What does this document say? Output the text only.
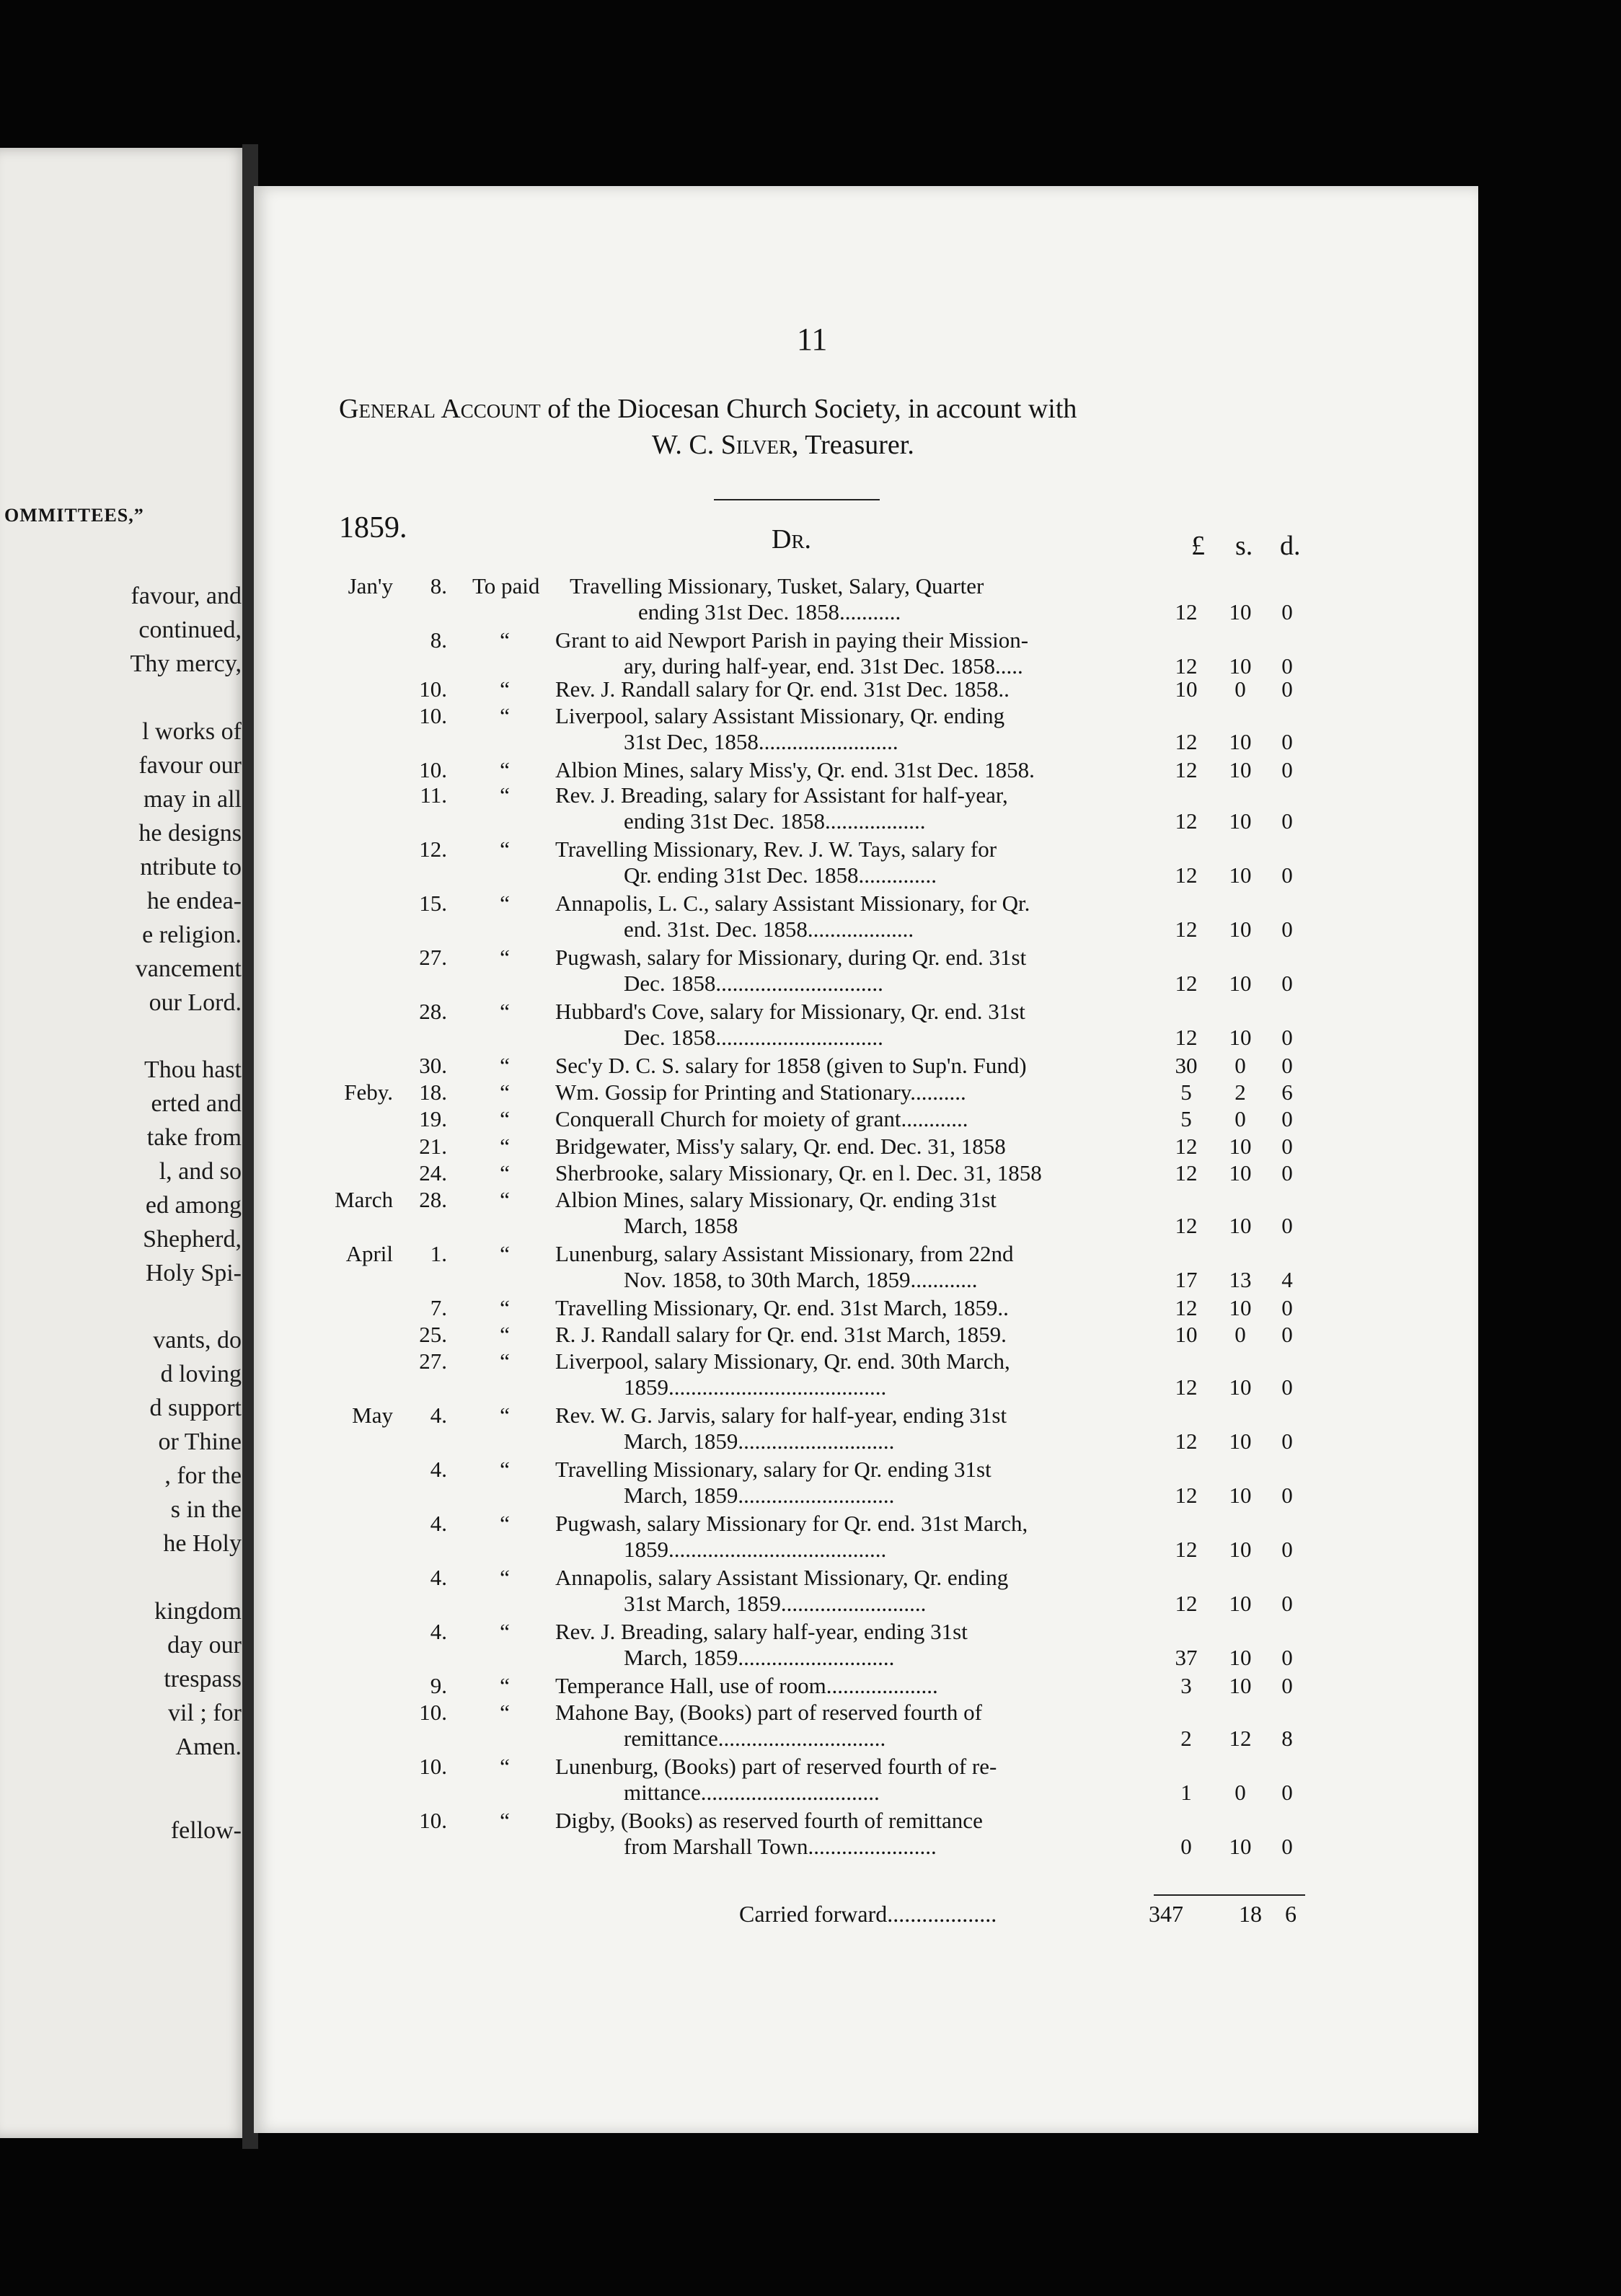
OMMITTEES,”
favour, and
continued,
Thy mercy,
l works of
favour our
may in all
he designs
ntribute to
he endea-
e religion.
vancement
our Lord.
Thou hast
erted and
take from
l, and so
ed among
Shepherd,
Holy Spi-
vants, do
d loving
d support
or Thine
, for the
s in the
he Holy
kingdom
day our
trespass
vil ; for
Amen.
fellow-
11
General Account of the Diocesan Church Society, in account with
W. C. Silver, Treasurer.
1859.	Dr.	£ s. d.
Jan'y	8. To paid Travelling Missionary, Tusket, Salary, Quarter
ending 31st Dec. 1858...........	12	10	0
8.	“	Grant to aid Newport Parish in paying their Mission-
ary, during half-year, end. 31st Dec. 1858.....	12	10	0
10.	“	Rev. J. Randall salary for Qr. end. 31st Dec. 1858..	10	0	0
10.	“	Liverpool, salary Assistant Missionary, Qr. ending
31st Dec, 1858.........................	12	10	0
10.	“	Albion Mines, salary Miss'y, Qr. end. 31st Dec. 1858.	12	10	0
11.	“	Rev. J. Breading, salary for Assistant for half-year,
ending 31st Dec. 1858..................	12	10	0
12.	“	Travelling Missionary, Rev. J. W. Tays, salary for
Qr. ending 31st Dec. 1858..............	12	10	0
15.	“	Annapolis, L. C., salary Assistant Missionary, for Qr.
end. 31st. Dec. 1858...................	12	10	0
27.	“	Pugwash, salary for Missionary, during Qr. end. 31st
Dec. 1858..............................	12	10	0
28.	“	Hubbard's Cove, salary for Missionary, Qr. end. 31st
Dec. 1858..............................	12	10	0
30.	“	Sec'y D. C. S. salary for 1858 (given to Sup'n. Fund)	30	0	0
Feby.	18.	“	Wm. Gossip for Printing and Stationary..........	5	2	6
19.	“	Conquerall Church for moiety of grant............	5	0	0
21.	“	Bridgewater, Miss'y salary, Qr. end. Dec. 31, 1858	12	10	0
24.	“	Sherbrooke, salary Missionary, Qr. en l. Dec. 31, 1858	12	10	0
March	28.	“	Albion Mines, salary Missionary, Qr. ending 31st
March, 1858	12	10	0
April	1.	“	Lunenburg, salary Assistant Missionary, from 22nd
Nov. 1858, to 30th March, 1859............	17	13	4
7.	“	Travelling Missionary, Qr. end. 31st March, 1859..	12	10	0
25.	“	R. J. Randall salary for Qr. end. 31st March, 1859.	10	0	0
27.	“	Liverpool, salary Missionary, Qr. end. 30th March,
1859.......................................	12	10	0
May	4.	“	Rev. W. G. Jarvis, salary for half-year, ending 31st
March, 1859............................	12	10	0
4.	“	Travelling Missionary, salary for Qr. ending 31st
March, 1859............................	12	10	0
4.	“	Pugwash, salary Missionary for Qr. end. 31st March,
1859.......................................	12	10	0
4.	“	Annapolis, salary Assistant Missionary, Qr. ending
31st March, 1859..........................	12	10	0
4.	“	Rev. J. Breading, salary half-year, ending 31st
March, 1859............................	37	10	0
9.	“	Temperance Hall, use of room....................	3	10	0
10.	“	Mahone Bay, (Books) part of reserved fourth of
remittance..............................	2	12	8
10.	“	Lunenburg, (Books) part of reserved fourth of re-
mittance................................	1	0	0
10.	“	Digby, (Books) as reserved fourth of remittance
from Marshall Town.......................	0	10	0
Carried forward...................	347 18 6
